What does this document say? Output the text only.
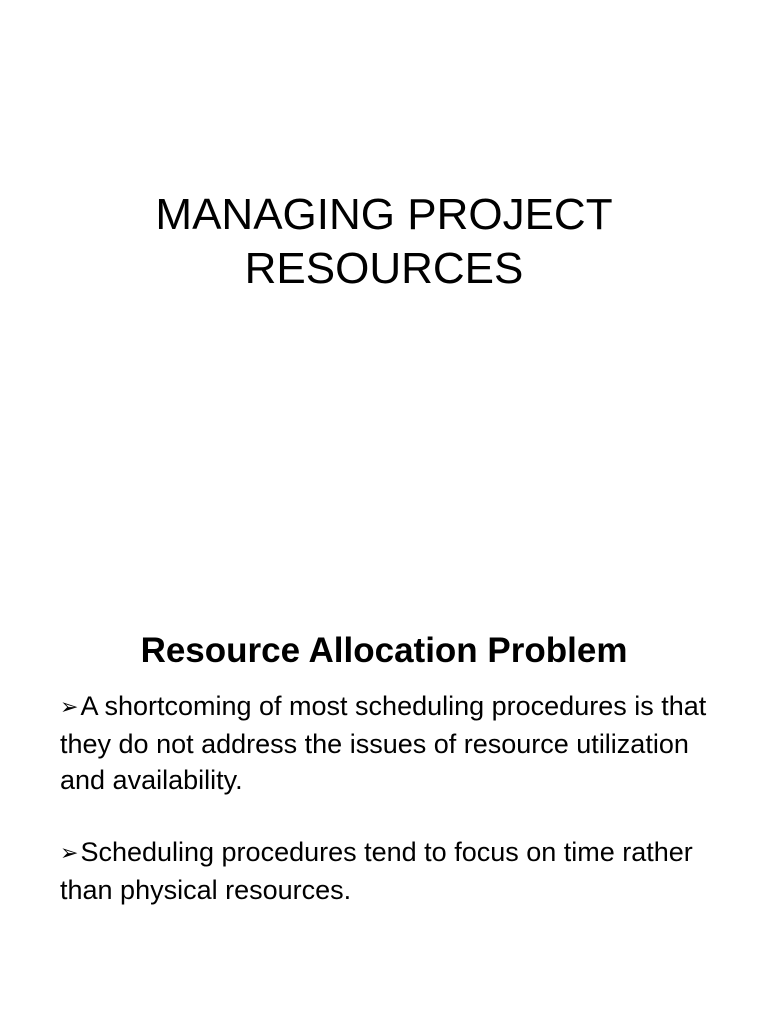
MANAGING PROJECT
RESOURCES
Resource Allocation Problem
➢A shortcoming of most scheduling procedures is that they do not address the issues of resource utilization and availability.
➢Scheduling procedures tend to focus on time rather than physical resources.
